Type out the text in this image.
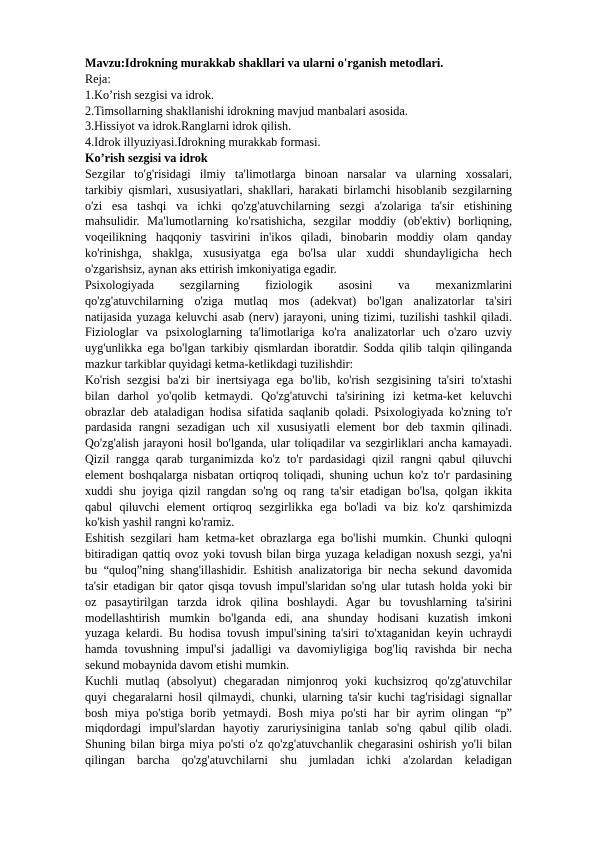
Mavzu:Idrokning murakkab shakllari va ularni o'rganish metodlari.
Reja:
1.Ko’rish sezgisi va idrok.
2.Timsollarning shakllanishi idrokning mavjud manbalari asosida.
3.Hissiyot va idrok.Ranglarni idrok qilish.
4.Idrok illyuziyasi.Idrokning murakkab formasi.
Ko’rish sezgisi va idrok
Sezgilar to'g'risidagi ilmiy ta'limotlarga binoan narsalar va ularning xossalari,
tarkibiy qismlari, xususiyatlari, shakllari, harakati birlamchi hisoblanib sezgilarning
o'zi esa tashqi va ichki qo'zg'atuvchilarning sezgi a'zolariga ta'sir etishining
mahsulidir. Ma'lumotlarning ko'rsatishicha, sezgilar moddiy (ob'ektiv) borliqning,
voqeilikning haqqoniy tasvirini in'ikos qiladi, binobarin moddiy olam qanday
ko'rinishga, shaklga, xususiyatga ega bo'lsa ular xuddi shundayligicha hech
o'zgarishsiz, aynan aks ettirish imkoniyatiga egadir.
Psixologiyada sezgilarning fiziologik asosini va mexanizmlarini
qo'zg'atuvchilarning o'ziga mutlaq mos (adekvat) bo'lgan analizatorlar ta'siri
natijasida yuzaga keluvchi asab (nerv) jarayoni, uning tizimi, tuzilishi tashkil qiladi.
Fiziologlar va psixologlarning ta'limotlariga ko'ra analizatorlar uch o'zaro uzviy
uyg'unlikka ega bo'lgan tarkibiy qismlardan iboratdir. Sodda qilib talqin qilinganda
mazkur tarkiblar quyidagi ketma-ketlikdagi tuzilishdir:
Ko'rish sezgisi ba'zi bir inertsiyaga ega bo'lib, ko'rish sezgisining ta'siri to'xtashi
bilan darhol yo'qolib ketmaydi. Qo'zg'atuvchi ta'sirining izi ketma-ket keluvchi
obrazlar deb ataladigan hodisa sifatida saqlanib qoladi. Psixologiyada ko'zning to'r
pardasida rangni sezadigan uch xil xususiyatli element bor deb taxmin qilinadi.
Qo'zg'alish jarayoni hosil bo'lganda, ular toliqadilar va sezgirliklari ancha kamayadi.
Qizil rangga qarab turganimizda ko'z to'r pardasidagi qizil rangni qabul qiluvchi
element boshqalarga nisbatan ortiqroq toliqadi, shuning uchun ko'z to'r pardasining
xuddi shu joyiga qizil rangdan so'ng oq rang ta'sir etadigan bo'lsa, qolgan ikkita
qabul qiluvchi element ortiqroq sezgirlikka ega bo'ladi va biz ko'z qarshimizda
ko'kish yashil rangni ko'ramiz.
Eshitish sezgilari ham ketma-ket obrazlarga ega bo'lishi mumkin. Chunki quloqni
bitiradigan qattiq ovoz yoki tovush bilan birga yuzaga keladigan noxush sezgi, ya'ni
bu “quloq”ning shang'illashidir. Eshitish analizatoriga bir necha sekund davomida
ta'sir etadigan bir qator qisqa tovush impul'slaridan so'ng ular tutash holda yoki bir
oz pasaytirilgan tarzda idrok qilina boshlaydi. Agar bu tovushlarning ta'sirini
modellashtirish mumkin bo'lganda edi, ana shunday hodisani kuzatish imkoni
yuzaga kelardi. Bu hodisa tovush impul'sining ta'siri to'xtaganidan keyin uchraydi
hamda tovushning impul'si jadalligi va davomiyligiga bog'liq ravishda bir necha
sekund mobaynida davom etishi mumkin.
Kuchli mutlaq (absolyut) chegaradan nimjonroq yoki kuchsizroq qo'zg'atuvchilar
quyi chegaralarni hosil qilmaydi, chunki, ularning ta'sir kuchi tag'risidagi signallar
bosh miya po'stiga borib yetmaydi. Bosh miya po'sti har bir ayrim olingan “p”
miqdordagi impul'slardan hayotiy zaruriysinigina tanlab so'ng qabul qilib oladi.
Shuning bilan birga miya po'sti o'z qo'zg'atuvchanlik chegarasini oshirish yo'li bilan
qilingan barcha qo'zg'atuvchilarni shu jumladan ichki a'zolardan keladigan
